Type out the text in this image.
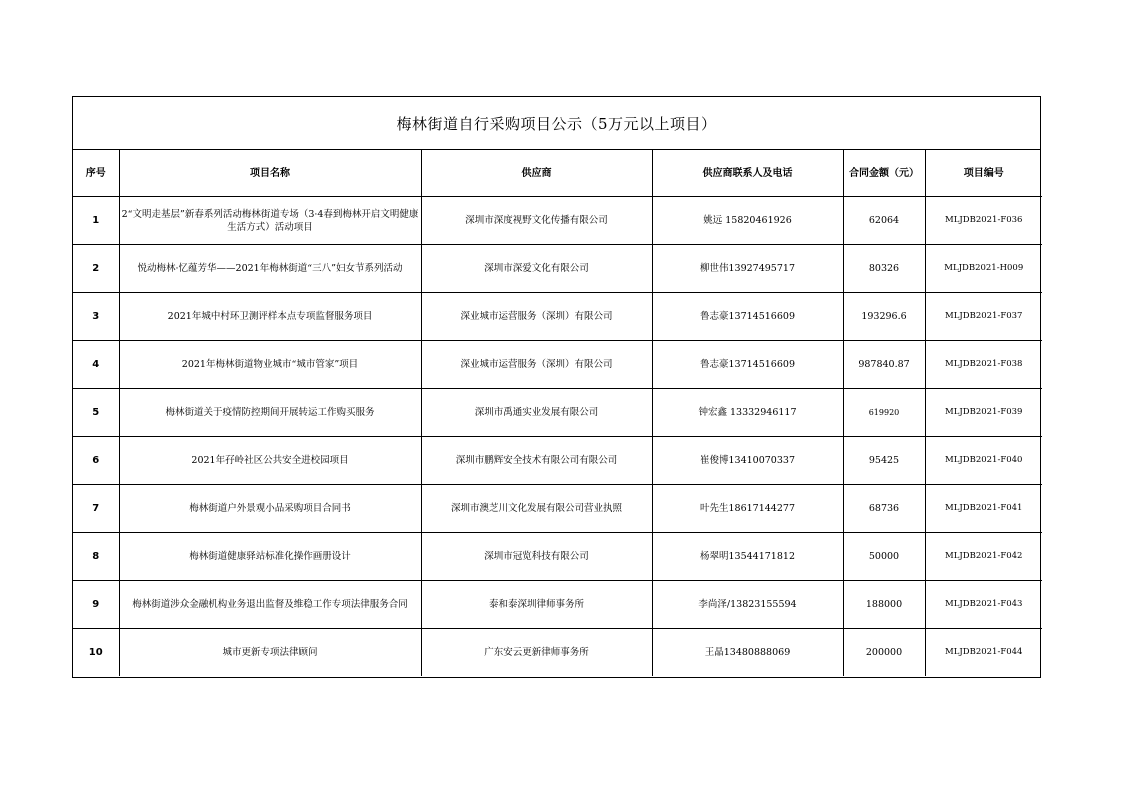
梅林街道自行采购项目公示（5万元以上项目）
序号	项目名称	供应商	供应商联系人及电话	合同金额（元）	项目编号
1	2“文明走基层”新春系列活动梅林街道专场（3·4春到梅林开启文明健康生活方式）活动项目	深圳市深度视野文化传播有限公司	姚远 15820461926	62064	MLJDB2021-F036
2	悦动梅林·忆蕴芳华——2021年梅林街道“三八”妇女节系列活动	深圳市深爱文化有限公司	柳世伟13927495717	80326	MLJDB2021-H009
3	2021年城中村环卫测评样本点专项监督服务项目	深业城市运营服务（深圳）有限公司	鲁志豪13714516609	193296.6	MLJDB2021-F037
4	2021年梅林街道物业城市“城市管家”项目	深业城市运营服务（深圳）有限公司	鲁志豪13714516609	987840.87	MLJDB2021-F038
5	梅林街道关于疫情防控期间开展转运工作购买服务	深圳市禹通实业发展有限公司	钟宏鑫 13332946117	619920	MLJDB2021-F039
6	2021年孖岭社区公共安全进校园项目	深圳市鹏辉安全技术有限公司有限公司	崔俊博13410070337	95425	MLJDB2021-F040
7	梅林街道户外景观小品采购项目合同书	深圳市澳芝川文化发展有限公司营业执照	叶先生18617144277	68736	MLJDB2021-F041
8	梅林街道健康驿站标准化操作画册设计	深圳市冠览科技有限公司	杨翠明13544171812	50000	MLJDB2021-F042
9	梅林街道涉众金融机构业务退出监督及维稳工作专项法律服务合同	泰和泰深圳律师事务所	李尚泽/13823155594	188000	MLJDB2021-F043
10	城市更新专项法律顾问	广东安云更新律师事务所	王晶13480888069	200000	MLJDB2021-F044
